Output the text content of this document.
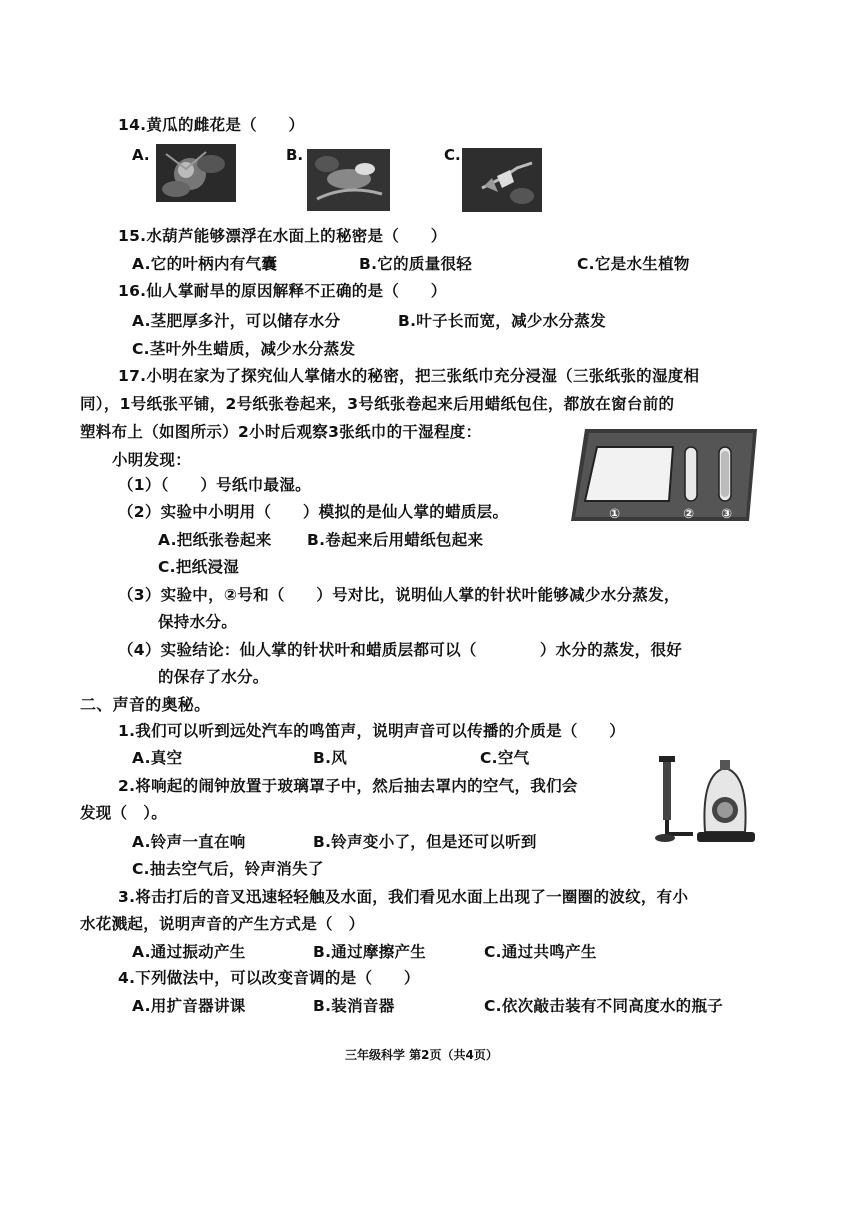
14.黄瓜的雌花是（　　）
A.	B.	C.
15.水葫芦能够漂浮在水面上的秘密是（　　）
A.它的叶柄内有气囊	B.它的质量很轻	C.它是水生植物
16.仙人掌耐旱的原因解释不正确的是（　　）
A.茎肥厚多汁，可以储存水分	B.叶子长而宽，减少水分蒸发
C.茎叶外生蜡质，减少水分蒸发
17.小明在家为了探究仙人掌储水的秘密，把三张纸巾充分浸湿（三张纸张的湿度相
同），1号纸张平铺，2号纸张卷起来，3号纸张卷起来后用蜡纸包住，都放在窗台前的
塑料布上（如图所示）2小时后观察3张纸巾的干湿程度：
小明发现：
（1）（　　）号纸巾最湿。
（2）实验中小明用（　　）模拟的是仙人掌的蜡质层。
A.把纸张卷起来 B.卷起来后用蜡纸包起来
C.把纸浸湿
（3）实验中，②号和（　　）号对比，说明仙人掌的针状叶能够减少水分蒸发，
保持水分。
（4）实验结论：仙人掌的针状叶和蜡质层都可以（　　　　）水分的蒸发，很好
的保存了水分。
①	② ③
二、声音的奥秘。
1.我们可以听到远处汽车的鸣笛声，说明声音可以传播的介质是（　　）
A.真空	B.风	C.空气
2.将响起的闹钟放置于玻璃罩子中，然后抽去罩内的空气，我们会
发现（　）。
A.铃声一直在响	B.铃声变小了，但是还可以听到
C.抽去空气后，铃声消失了
3.将击打后的音叉迅速轻轻触及水面，我们看见水面上出现了一圈圈的波纹，有小
水花溅起，说明声音的产生方式是（　）
A.通过振动产生	B.通过摩擦产生	C.通过共鸣产生
4.下列做法中，可以改变音调的是（　　）
A.用扩音器讲课	B.装消音器	C.依次敲击装有不同高度水的瓶子
三年级科学 第2页（共4页）
